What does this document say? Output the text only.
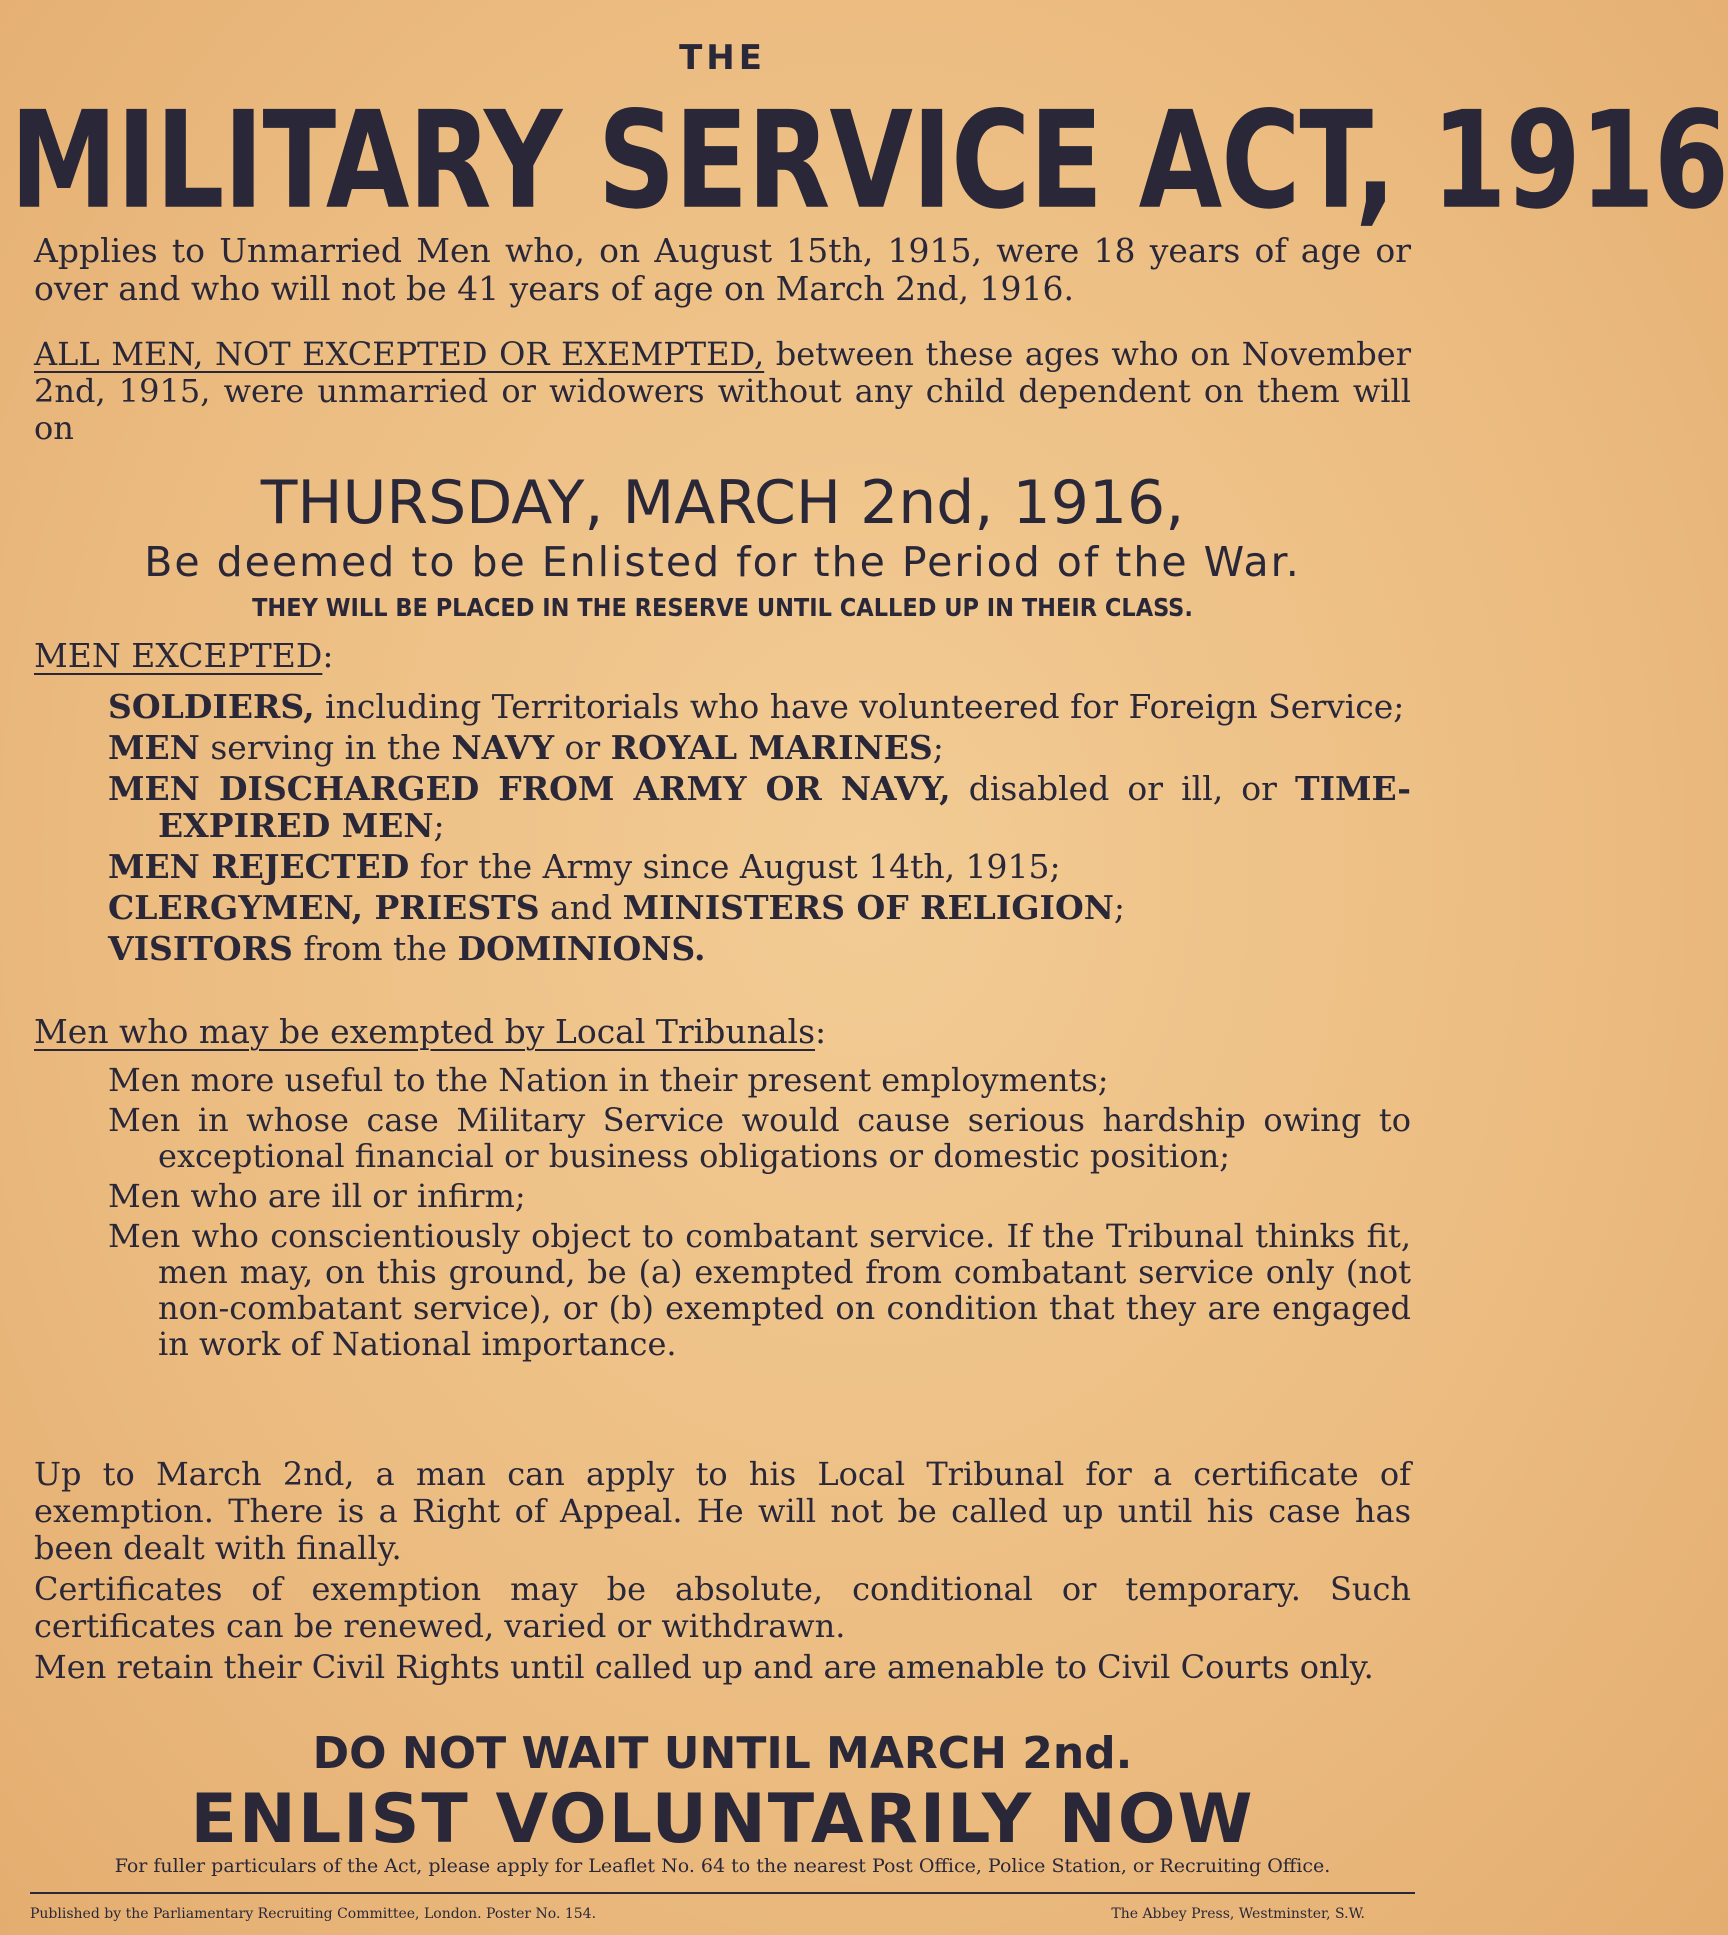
THE
MILITARY SERVICE ACT, 1916
Applies to Unmarried Men who, on August 15th, 1915, were 18 years of age or over and who will not be 41 years of age on March 2nd, 1916.
ALL MEN, NOT EXCEPTED OR EXEMPTED, between these ages who on November 2nd, 1915, were unmarried or widowers without any child dependent on them will on
THURSDAY, MARCH 2nd, 1916,
Be deemed to be Enlisted for the Period of the War.
THEY WILL BE PLACED IN THE RESERVE UNTIL CALLED UP IN THEIR CLASS.
MEN EXCEPTED:
SOLDIERS, including Territorials who have volunteered for Foreign Service;
MEN serving in the NAVY or ROYAL MARINES;
MEN DISCHARGED FROM ARMY OR NAVY, disabled or ill, or TIME-EXPIRED MEN;
MEN REJECTED for the Army since August 14th, 1915;
CLERGYMEN, PRIESTS and MINISTERS OF RELIGION;
VISITORS from the DOMINIONS.
Men who may be exempted by Local Tribunals:
Men more useful to the Nation in their present employments;
Men in whose case Military Service would cause serious hardship owing to exceptional financial or business obligations or domestic position;
Men who are ill or infirm;
Men who conscientiously object to combatant service. If the Tribunal thinks fit, men may, on this ground, be (a) exempted from combatant service only (not non-combatant service), or (b) exempted on condition that they are engaged in work of National importance.

Up to March 2nd, a man can apply to his Local Tribunal for a certificate of exemption. There is a Right of Appeal. He will not be called up until his case has been dealt with finally.

Certificates of exemption may be absolute, conditional or temporary. Such certificates can be renewed, varied or withdrawn.

Men retain their Civil Rights until called up and are amenable to Civil Courts only.

DO NOT WAIT UNTIL MARCH 2nd.
ENLIST VOLUNTARILY NOW
For fuller particulars of the Act, please apply for Leaflet No. 64 to the nearest Post Office, Police Station, or Recruiting Office.
Published by the Parliamentary Recruiting Committee, London. Poster No. 154.	The Abbey Press, Westminster, S.W.
